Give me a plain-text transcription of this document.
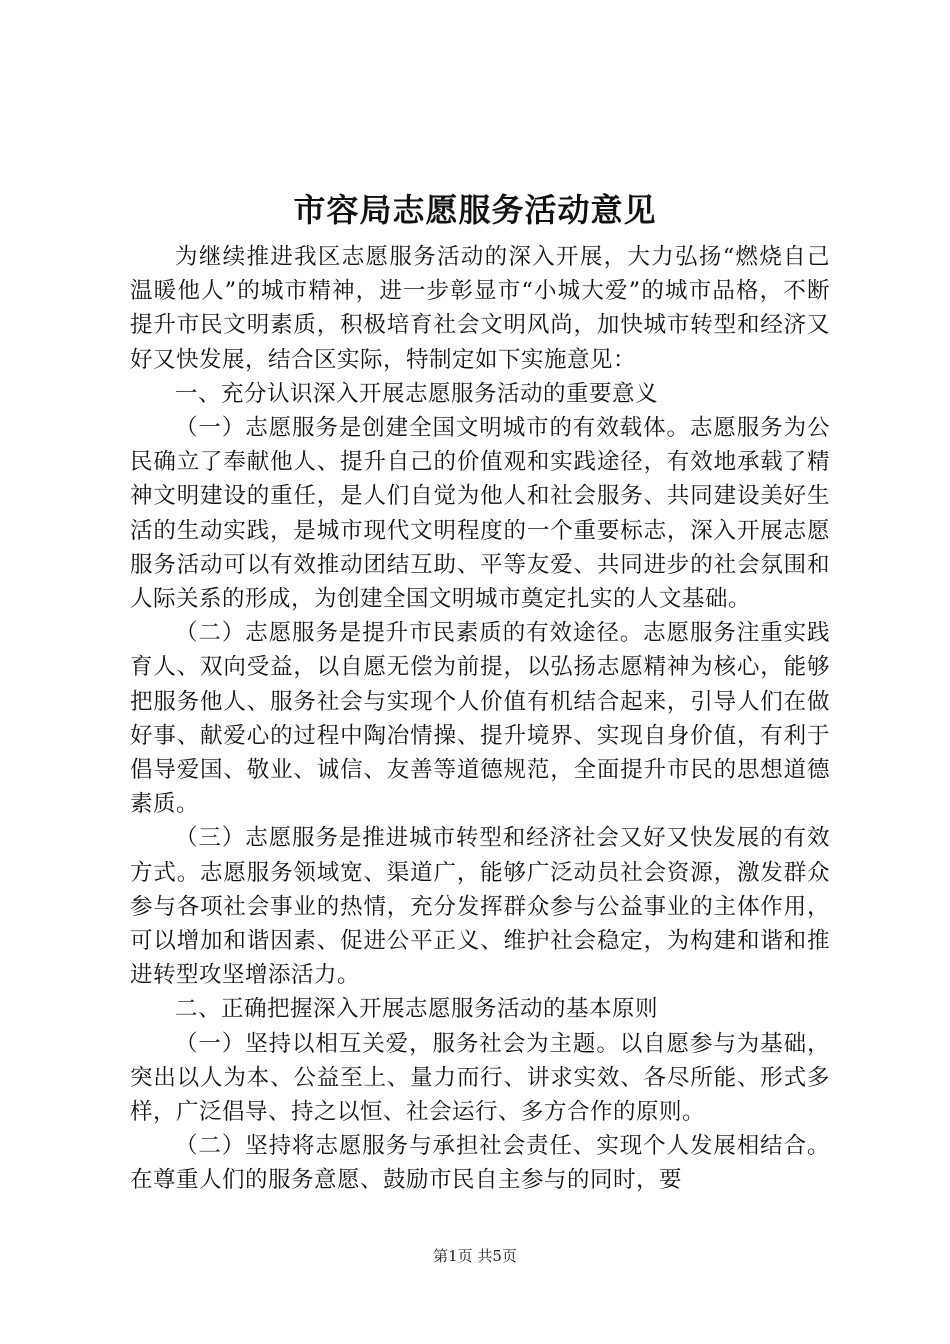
市容局志愿服务活动意见

为继续推进我区志愿服务活动的深入开展，大力弘扬“燃烧自己温暖他人”的城市精神，进一步彰显市“小城大爱”的城市品格，不断提升市民文明素质，积极培育社会文明风尚，加快城市转型和经济又好又快发展，结合区实际，特制定如下实施意见：

一、充分认识深入开展志愿服务活动的重要意义

（一）志愿服务是创建全国文明城市的有效载体。志愿服务为公民确立了奉献他人、提升自己的价值观和实践途径，有效地承载了精神文明建设的重任，是人们自觉为他人和社会服务、共同建设美好生活的生动实践，是城市现代文明程度的一个重要标志，深入开展志愿服务活动可以有效推动团结互助、平等友爱、共同进步的社会氛围和人际关系的形成，为创建全国文明城市奠定扎实的人文基础。

（二）志愿服务是提升市民素质的有效途径。志愿服务注重实践育人、双向受益，以自愿无偿为前提，以弘扬志愿精神为核心，能够把服务他人、服务社会与实现个人价值有机结合起来，引导人们在做好事、献爱心的过程中陶冶情操、提升境界、实现自身价值，有利于倡导爱国、敬业、诚信、友善等道德规范，全面提升市民的思想道德素质。

（三）志愿服务是推进城市转型和经济社会又好又快发展的有效方式。志愿服务领域宽、渠道广，能够广泛动员社会资源，激发群众参与各项社会事业的热情，充分发挥群众参与公益事业的主体作用，可以增加和谐因素、促进公平正义、维护社会稳定，为构建和谐和推进转型攻坚增添活力。

二、正确把握深入开展志愿服务活动的基本原则

（一）坚持以相互关爱，服务社会为主题。以自愿参与为基础，突出以人为本、公益至上、量力而行、讲求实效、各尽所能、形式多样，广泛倡导、持之以恒、社会运行、多方合作的原则。

（二）坚持将志愿服务与承担社会责任、实现个人发展相结合。在尊重人们的服务意愿、鼓励市民自主参与的同时，要

第1页 共5页
